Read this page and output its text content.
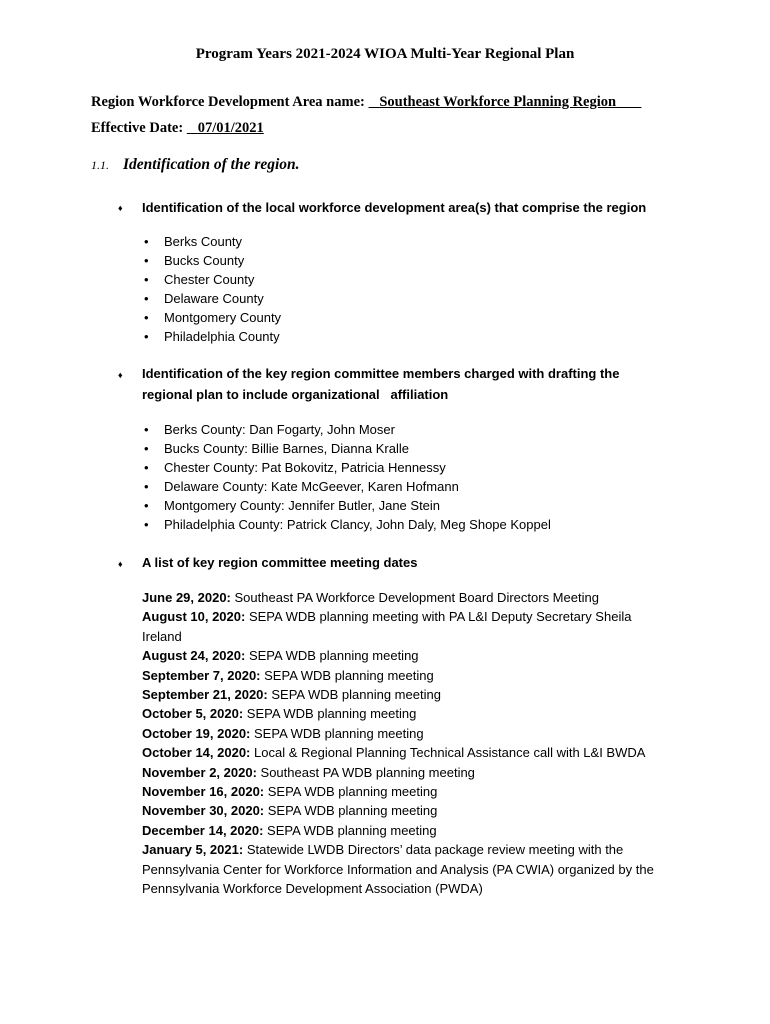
Program Years 2021-2024 WIOA Multi-Year Regional Plan
Region Workforce Development Area name: Southeast Workforce Planning Region
Effective Date: 07/01/2021
1.1. Identification of the region.
♦ Identification of the local workforce development area(s) that comprise the region
• Berks County
• Bucks County
• Chester County
• Delaware County
• Montgomery County
• Philadelphia County
♦ Identification of the key region committee members charged with drafting the
regional plan to include organizational   affiliation
• Berks County: Dan Fogarty, John Moser
• Bucks County: Billie Barnes, Dianna Kralle
• Chester County: Pat Bokovitz, Patricia Hennessy
• Delaware County: Kate McGeever, Karen Hofmann
• Montgomery County: Jennifer Butler, Jane Stein
• Philadelphia County: Patrick Clancy, John Daly, Meg Shope Koppel
♦ A list of key region committee meeting dates

June 29, 2020: Southeast PA Workforce Development Board Directors Meeting

August 10, 2020: SEPA WDB planning meeting with PA L&I Deputy Secretary Sheila Ireland

August 24, 2020: SEPA WDB planning meeting

September 7, 2020: SEPA WDB planning meeting

September 21, 2020: SEPA WDB planning meeting

October 5, 2020: SEPA WDB planning meeting

October 19, 2020: SEPA WDB planning meeting

October 14, 2020: Local & Regional Planning Technical Assistance call with L&I BWDA

November 2, 2020: Southeast PA WDB planning meeting

November 16, 2020: SEPA WDB planning meeting

November 30, 2020: SEPA WDB planning meeting

December 14, 2020: SEPA WDB planning meeting

January 5, 2021: Statewide LWDB Directors’ data package review meeting with the Pennsylvania Center for Workforce Information and Analysis (PA CWIA) organized by the Pennsylvania Workforce Development Association (PWDA)
